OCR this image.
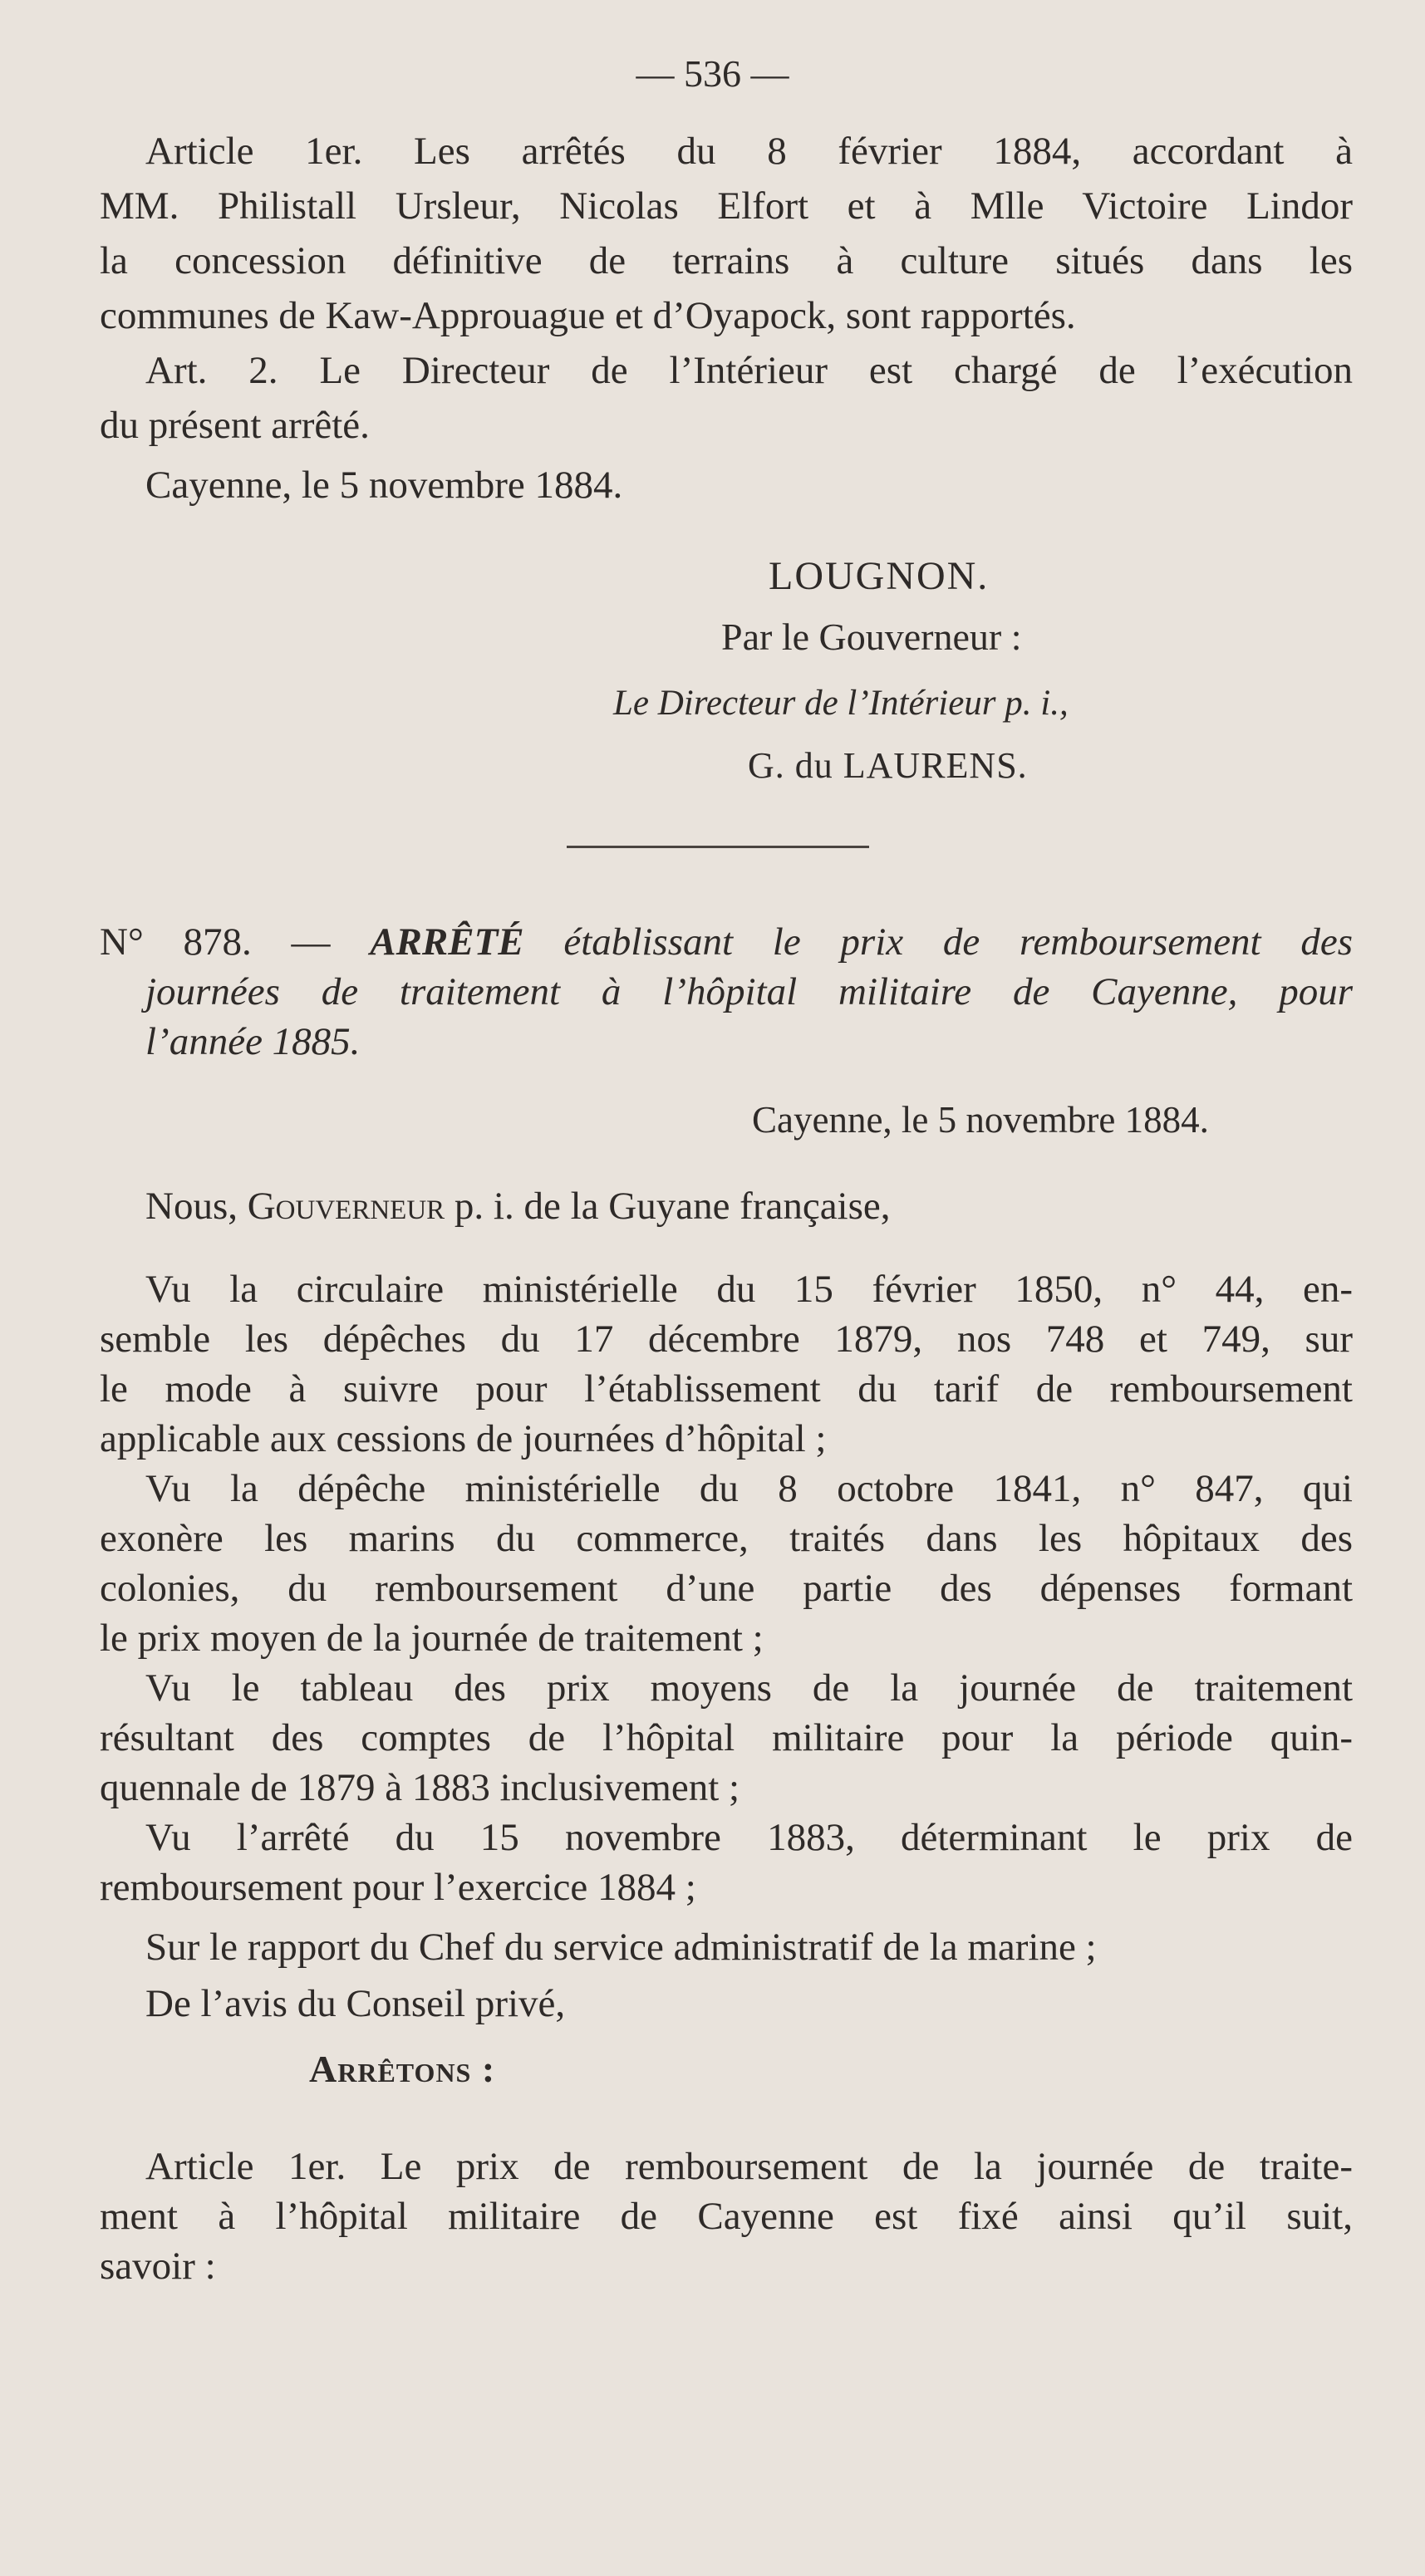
— 536 —
Article 1er. Les arrêtés du 8 février 1884, accordant à
MM. Philistall Ursleur, Nicolas Elfort et à Mlle Victoire Lindor
la concession définitive de terrains à culture situés dans les
communes de Kaw-Approuague et d’Oyapock, sont rapportés.
Art. 2. Le Directeur de l’Intérieur est chargé de l’exécution
du présent arrêté.
Cayenne, le 5 novembre 1884.
LOUGNON.
Par le Gouverneur :
Le Directeur de l’Intérieur p. i.,
G. du LAURENS.
N° 878. — ARRÊTÉ établissant le prix de remboursement des
journées de traitement à l’hôpital militaire de Cayenne, pour
l’année 1885.
Cayenne, le 5 novembre 1884.
Nous, Gouverneur p. i. de la Guyane française,
Vu la circulaire ministérielle du 15 février 1850, n° 44, en-
semble les dépêches du 17 décembre 1879, nos 748 et 749, sur
le mode à suivre pour l’établissement du tarif de remboursement
applicable aux cessions de journées d’hôpital ;
Vu la dépêche ministérielle du 8 octobre 1841, n° 847, qui
exonère les marins du commerce, traités dans les hôpitaux des
colonies, du remboursement d’une partie des dépenses formant
le prix moyen de la journée de traitement ;
Vu le tableau des prix moyens de la journée de traitement
résultant des comptes de l’hôpital militaire pour la période quin-
quennale de 1879 à 1883 inclusivement ;
Vu l’arrêté du 15 novembre 1883, déterminant le prix de
remboursement pour l’exercice 1884 ;
Sur le rapport du Chef du service administratif de la marine ;
De l’avis du Conseil privé,
Arrêtons :
Article 1er. Le prix de remboursement de la journée de traite-
ment à l’hôpital militaire de Cayenne est fixé ainsi qu’il suit,
savoir :
